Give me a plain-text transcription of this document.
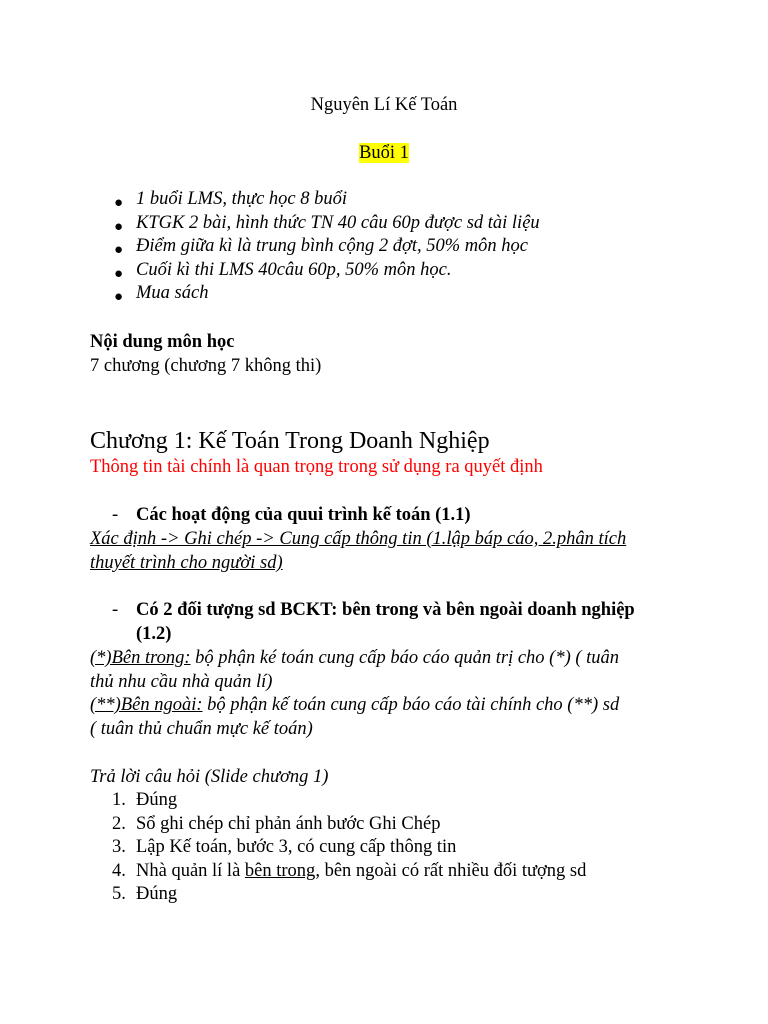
Nguyên Lí Kế Toán
Buổi 1
● 1 buổi LMS, thực học 8 buổi
● KTGK 2 bài, hình thức TN 40 câu 60p được sd tài liệu
● Điểm giữa kì là trung bình cộng 2 đợt, 50% môn học
● Cuối kì thi LMS 40câu 60p, 50% môn học.
● Mua sách
Nội dung môn học
7 chương (chương 7 không thi)
Chương 1: Kế Toán Trong Doanh Nghiệp
Thông tin tài chính là quan trọng trong sử dụng ra quyết định
- Các hoạt động của quui trình kế toán (1.1)
Xác định -> Ghi chép -> Cung cấp thông tin (1.lập báp cáo, 2.phân tích
thuyết trình cho người sd)
- Có 2 đối tượng sd BCKT: bên trong và bên ngoài doanh nghiệp
(1.2)
(*)Bên trong: bộ phận ké toán cung cấp báo cáo quản trị cho (*) ( tuân
thủ nhu cầu nhà quản lí)
(**)Bên ngoài: bộ phận kế toán cung cấp báo cáo tài chính cho (**) sd
( tuân thủ chuẩn mực kế toán)
Trả lời câu hỏi (Slide chương 1)
1. Đúng
2. Sổ ghi chép chỉ phản ánh bước Ghi Chép
3. Lập Kế toán, bước 3, có cung cấp thông tin
4. Nhà quản lí là bên trong, bên ngoài có rất nhiều đối tượng sd
5. Đúng
